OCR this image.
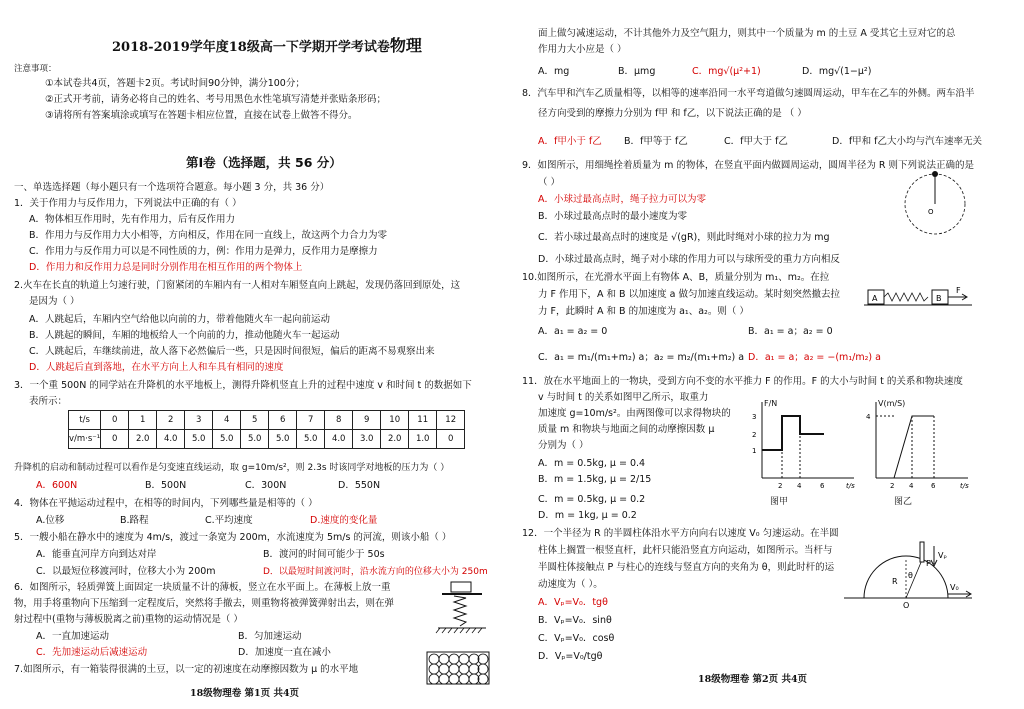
2018-2019学年度18级高一下学期开学考试卷物理
注意事项：
①本试卷共4页，答题卡2页。考试时间90分钟，满分100分；
②正式开考前，请务必将自己的姓名、考号用黑色水性笔填写清楚并张贴条形码；
③请将所有答案填涂或填写在答题卡相应位置，直接在试卷上做答不得分。
第I卷（选择题，共 56 分）
一、单选选择题（每小题只有一个选项符合题意。每小题 3 分，共 36 分）
1．关于作用力与反作用力，下列说法中正确的有（ ）
A．物体相互作用时，先有作用力，后有反作用力
B．作用力与反作用力大小相等，方向相反，作用在同一直线上，故这两个力合力为零
C．作用力与反作用力可以是不同性质的力，例：作用力是弹力，反作用力是摩擦力
D．作用力和反作用力总是同时分别作用在相互作用的两个物体上
2.火车在长直的轨道上匀速行驶，门窗紧闭的车厢内有一人相对车厢竖直向上跳起，发现仍落回到原处，这
是因为（ ）
A．人跳起后，车厢内空气给他以向前的力，带着他随火车一起向前运动
B．人跳起的瞬间，车厢的地板给人一个向前的力，推动他随火车一起运动
C．人跳起后，车继续前进，故人落下必然偏后一些，只是因时间很短，偏后的距离不易观察出来
D．人跳起后直到落地，在水平方向上人和车具有相同的速度
3．一个重 500N 的同学站在升降机的水平地板上，测得升降机竖直上升的过程中速度 v 和时间 t 的数据如下
表所示：
t/s	0	1	2	3	4	5	6	7	8	9	10	11	12
v/m·s⁻¹	0	2.0	4.0	5.0	5.0	5.0	5.0	5.0	4.0	3.0	2.0	1.0	0
升降机的启动和制动过程可以看作是匀变速直线运动，取 g=10m/s²，则 2.3s 时该同学对地板的压力为（ ）
A．600N	B．500N	C．300N	D．550N
4．物体在平抛运动过程中，在相等的时间内，下列哪些量是相等的（ ）
A.位移	B.路程	C.平均速度	D.速度的变化量
5．一艘小船在静水中的速度为 4m/s，渡过一条宽为 200m，水流速度为 5m/s 的河流，则该小船（ ）
A．能垂直河岸方向到达对岸	B．渡河的时间可能少于 50s
C．以最短位移渡河时，位移大小为 200m	D．以最短时间渡河时，沿水流方向的位移大小为 250m
6．如图所示，轻质弹簧上面固定一块质量不计的薄板，竖立在水平面上。在薄板上放一重
物，用手将重物向下压缩到一定程度后，突然将手撤去，则重物将被弹簧弹射出去，则在弹
射过程中(重物与薄板脱离之前)重物的运动情况是（ ）
A．一直加速运动	B．匀加速运动
C．先加速运动后减速运动	D．加速度一直在减小
7.如图所示，有一箱装得很满的土豆，以一定的初速度在动摩擦因数为 μ 的水平地
18级物理卷 第1页 共4页
面上做匀减速运动，不计其他外力及空气阻力，则其中一个质量为 m 的土豆 A 受其它土豆对它的总
作用力大小应是（ ）
A．mg	B．μmg	C．mg√(μ²+1)	D．mg√(1−μ²)
8．汽车甲和汽车乙质量相等，以相等的速率沿同一水平弯道做匀速圆周运动，甲车在乙车的外侧。两车沿半
径方向受到的摩擦力分别为 f甲 和 f乙，以下说法正确的是 （ ）
A．f甲小于 f乙 B．f甲等于 f乙	C．f甲大于 f乙	D．f甲和 f乙大小均与汽车速率无关
9．如图所示，用细绳拴着质量为 m 的物体，在竖直平面内做圆周运动，圆周半径为 R 则下列说法正确的是
（ ）
A．小球过最高点时，绳子拉力可以为零
B．小球过最高点时的最小速度为零
C．若小球过最高点时的速度是 √(gR)，则此时绳对小球的拉力为 mg
D．小球过最高点时，绳子对小球的作用力可以与球所受的重力方向相反
O
10.如图所示，在光滑水平面上有物体 A、B，质量分别为 m₁、m₂。在拉
力 F 作用下，A 和 B 以加速度 a 做匀加速直线运动。某时刻突然撤去拉
力 F，此瞬时 A 和 B 的加速度为 a₁、a₂。则（ ）
A．a₁ = a₂ = 0	B．a₁ = a；a₂ = 0
C．a₁ = m₁/(m₁+m₂) a；a₂ = m₂/(m₁+m₂) a D．a₁ = a；a₂ = −(m₁/m₂) a
A	B
F
11．放在水平地面上的一物块，受到方向不变的水平推力 F 的作用。F 的大小与时间 t 的关系和物块速度
v 与时间 t 的关系如图甲乙所示，取重力
加速度 g=10m/s²。由两图像可以求得物块的
质量 m 和物块与地面之间的动摩擦因数 μ
分别为（ ）
A．m = 0.5kg, μ = 0.4
B．m = 1.5kg, μ = 2/15
C．m = 0.5kg, μ = 0.2
D．m = 1kg, μ = 0.2
3
2
1
2 4	6	t/s
F/N
图甲
4
2 4	6	t/s
V(m/S)
图乙
12．一个半径为 R 的半圆柱体沿水平方向向右以速度 V₀ 匀速运动。在半圆
柱体上搁置一根竖直杆，此杆只能沿竖直方向运动，如图所示。当杆与
半圆柱体接触点 P 与柱心的连线与竖直方向的夹角为 θ，则此时杆的运
动速度为（ ）。
A．Vₚ=V₀．tgθ
B．Vₚ=V₀．sinθ
C．Vₚ=V₀．cosθ
D．Vₚ=V₀/tgθ
Vₚ
V₀
R
θ
P
O
18级物理卷 第2页 共4页
